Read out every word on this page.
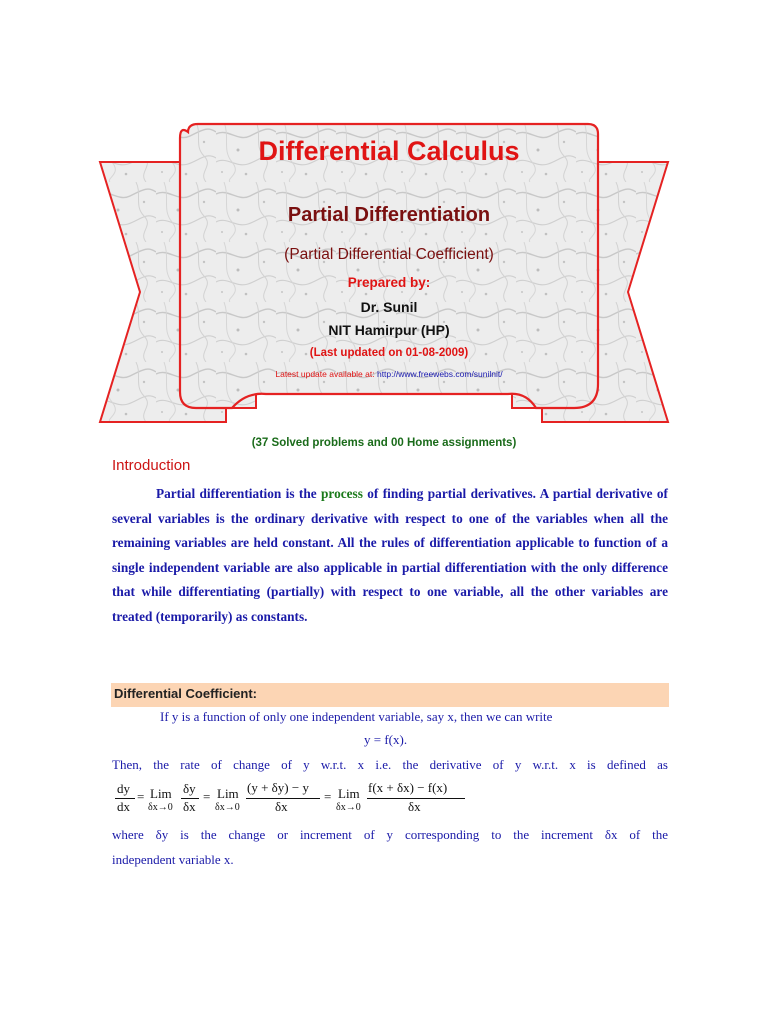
Differential Calculus
Partial Differentiation
(Partial Differential Coefficient)
Prepared by:
Dr. Sunil
NIT Hamirpur (HP)
(Last updated on 01-08-2009)
Latest update available at: http://www.freewebs.com/sunilnit/
(37 Solved problems and 00 Home assignments)
Introduction
Partial differentiation is the process of finding partial derivatives. A partial derivative of several variables is the ordinary derivative with respect to one of the variables when all the remaining variables are held constant. All the rules of differentiation applicable to function of a single independent variable are also applicable in partial differentiation with the only difference that while differentiating (partially) with respect to one variable, all the other variables are treated (temporarily) as constants.
Differential Coefficient:
If y is a function of only one independent variable, say x, then we can write
y = f(x).
Then, the rate of change of y w.r.t. x i.e. the derivative of y w.r.t. x is defined as
dy
dx
= Lim
δx→0
δy
δx
= Lim
δx→0
(y + δy) − y
δx
= Lim
δx→0
f(x + δx) − f(x)
δx
where δy is the change or increment of y corresponding to the increment δx of the
independent variable x.
